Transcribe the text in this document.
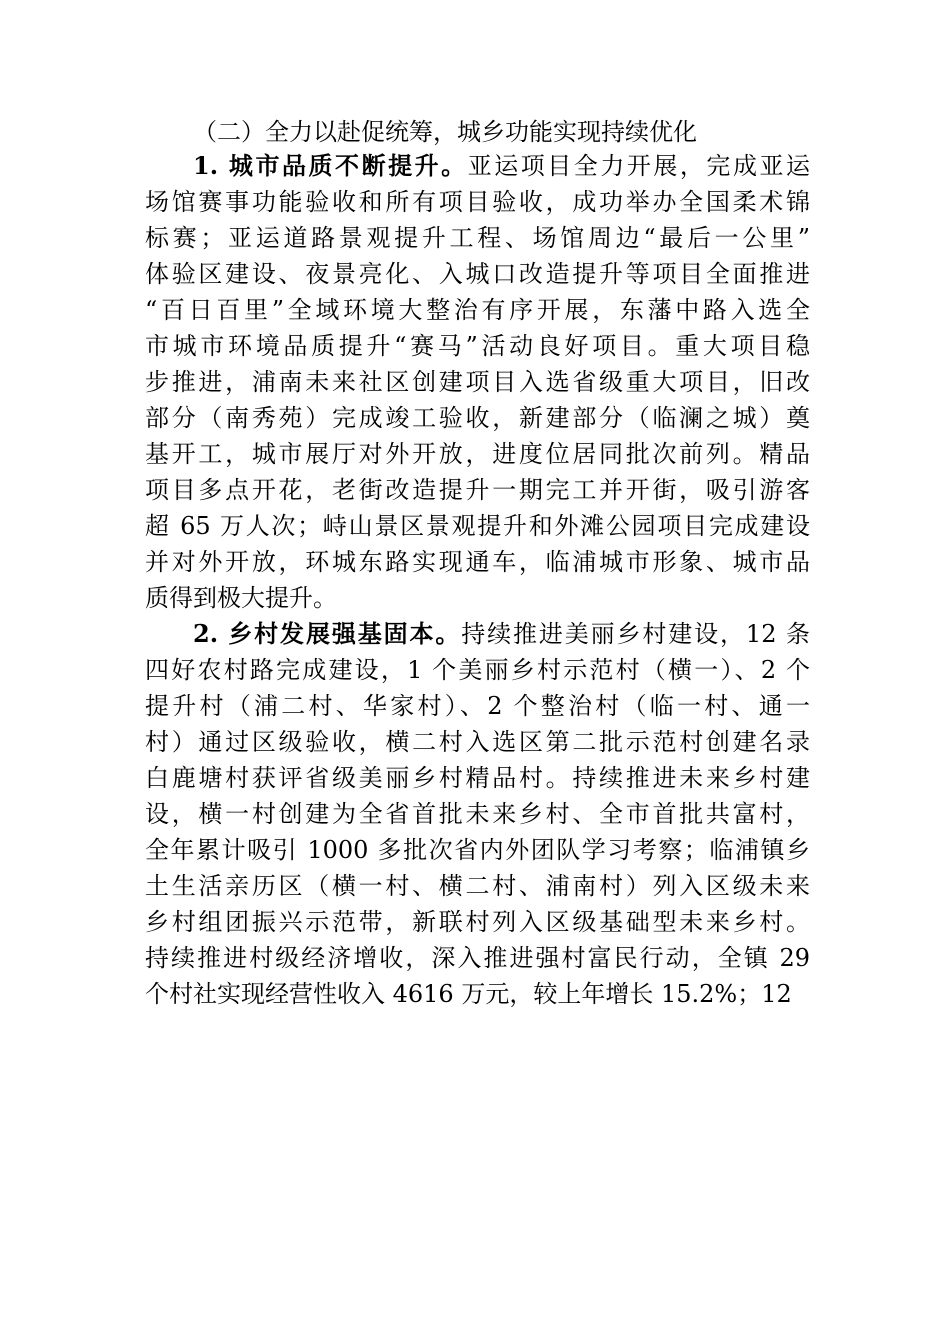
（二）全力以赴促统筹，城乡功能实现持续优化
1. 城市品质不断提升。亚运项目全力开展，完成亚运
场馆赛事功能验收和所有项目验收，成功举办全国柔术锦
标赛；亚运道路景观提升工程、场馆周边“最后一公里”
体验区建设、夜景亮化、入城口改造提升等项目全面推进
“百日百里”全域环境大整治有序开展，东藩中路入选全
市城市环境品质提升“赛马”活动良好项目。重大项目稳
步推进，浦南未来社区创建项目入选省级重大项目，旧改
部分（南秀苑）完成竣工验收，新建部分（临澜之城）奠
基开工，城市展厅对外开放，进度位居同批次前列。精品
项目多点开花，老街改造提升一期完工并开街，吸引游客
超 65 万人次；峙山景区景观提升和外滩公园项目完成建设
并对外开放，环城东路实现通车，临浦城市形象、城市品
质得到极大提升。
2. 乡村发展强基固本。持续推进美丽乡村建设，12 条
四好农村路完成建设，1 个美丽乡村示范村（横一）、2 个
提升村（浦二村、华家村）、2 个整治村（临一村、通一
村）通过区级验收，横二村入选区第二批示范村创建名录
白鹿塘村获评省级美丽乡村精品村。持续推进未来乡村建
设，横一村创建为全省首批未来乡村、全市首批共富村，
全年累计吸引 1000 多批次省内外团队学习考察；临浦镇乡
土生活亲历区（横一村、横二村、浦南村）列入区级未来
乡村组团振兴示范带，新联村列入区级基础型未来乡村。
持续推进村级经济增收，深入推进强村富民行动，全镇 29
个村社实现经营性收入 4616 万元，较上年增长 15.2%；12
